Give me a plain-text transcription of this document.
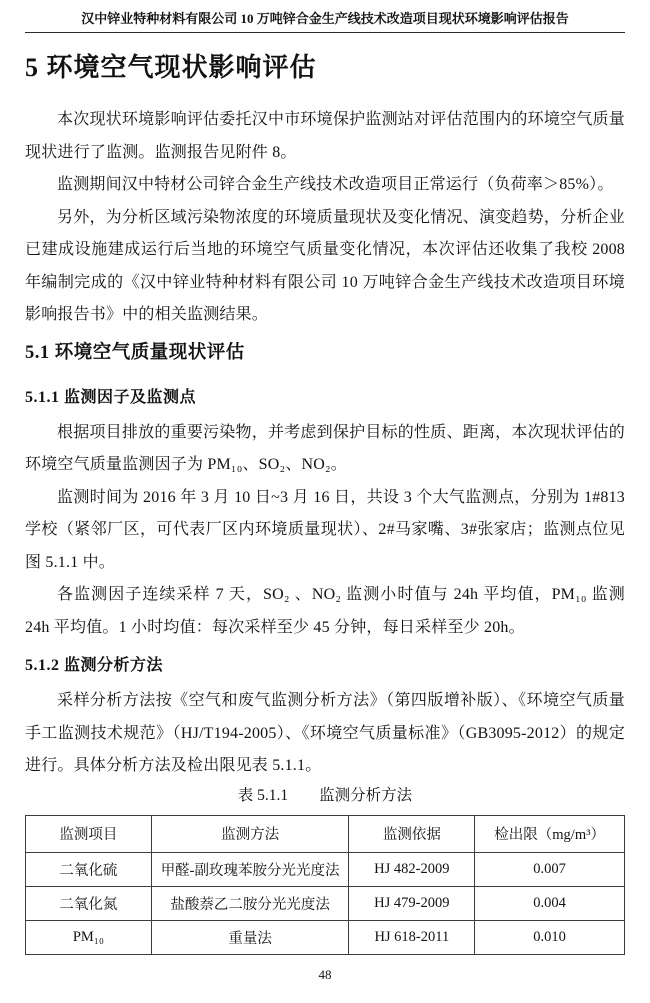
汉中锌业特种材料有限公司 10 万吨锌合金生产线技术改造项目现状环境影响评估报告
5 环境空气现状影响评估

本次现状环境影响评估委托汉中市环境保护监测站对评估范围内的环境空气质量现状进行了监测。监测报告见附件 8。

监测期间汉中特材公司锌合金生产线技术改造项目正常运行（负荷率＞85%）。

另外，为分析区域污染物浓度的环境质量现状及变化情况、演变趋势，分析企业已建成设施建成运行后当地的环境空气质量变化情况，本次评估还收集了我校 2008 年编制完成的《汉中锌业特种材料有限公司 10 万吨锌合金生产线技术改造项目环境影响报告书》中的相关监测结果。

5.1 环境空气质量现状评估
5.1.1 监测因子及监测点

根据项目排放的重要污染物，并考虑到保护目标的性质、距离，本次现状评估的环境空气质量监测因子为 PM₁₀、SO₂、NO₂。

监测时间为 2016 年 3 月 10 日~3 月 16 日，共设 3 个大气监测点，分别为 1#813 学校（紧邻厂区，可代表厂区内环境质量现状）、2#马家嘴、3#张家店；监测点位见图 5.1.1 中。

各监测因子连续采样 7 天，SO₂ 、NO₂ 监测小时值与 24h 平均值，PM₁₀ 监测 24h 平均值。1 小时均值：每次采样至少 45 分钟，每日采样至少 20h。

5.1.2 监测分析方法

采样分析方法按《空气和废气监测分析方法》（第四版增补版）、《环境空气质量手工监测技术规范》（HJ/T194-2005）、《环境空气质量标准》（GB3095-2012）的规定进行。具体分析方法及检出限见表 5.1.1。

表 5.1.1　　监测分析方法
监测项目	监测方法	监测依据	检出限（mg/m³）
二氧化硫	甲醛-副玫瑰苯胺分光光度法	HJ 482-2009	0.007
二氧化氮	盐酸萘乙二胺分光光度法	HJ 479-2009	0.004
PM₁₀	重量法	HJ 618-2011	0.010
48
